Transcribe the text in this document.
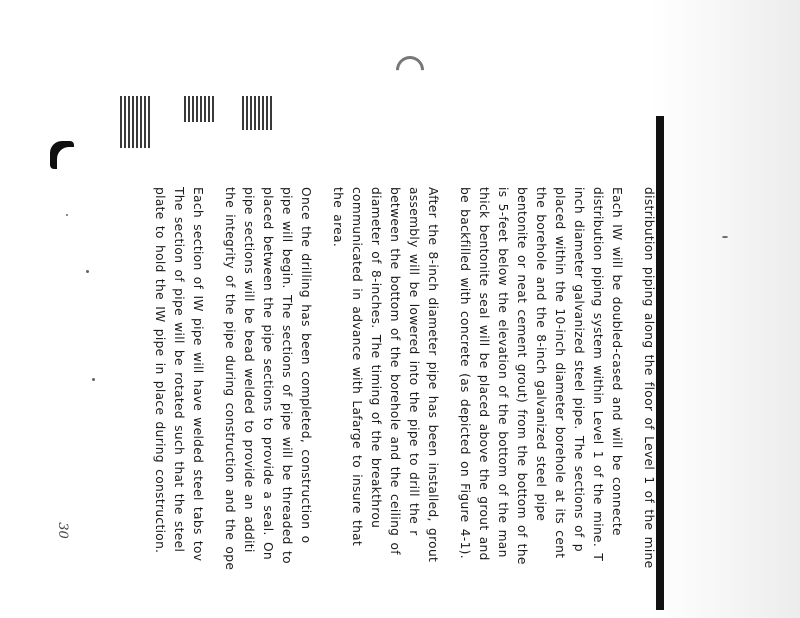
30	distribution piping along the floor of Level 1 of the mine
Each IW will be doubled-cased and will be connecte
distribution piping system within Level 1 of the mine. T
inch diameter galvanized steel pipe. The sections of p
placed within the 10-inch diameter borehole at its cent
the borehole and the 8-inch galvanized steel pipe
bentonite or neat cement grout) from the bottom of the
is 5-feet below the elevation of the bottom of the man
thick bentonite seal will be placed above the grout and
be backfilled with concrete (as depicted on Figure 4-1).
After the 8-inch diameter pipe has been installed, grout
assembly will be lowered into the pipe to drill the r
between the bottom of the borehole and the ceiling of
diameter of 8-inches. The timing of the breakthrou
communicated in advance with Lafarge to insure that
the area.
Once the drilling has been completed, construction o
pipe will begin. The sections of pipe will be threaded to
placed between the pipe sections to provide a seal. On
pipe sections will be bead welded to provide an additi
the integrity of the pipe during construction and the ope
Each section of IW pipe will have welded steel tabs tov
The section of pipe will be rotated such that the steel
plate to hold the IW pipe in place during construction.
